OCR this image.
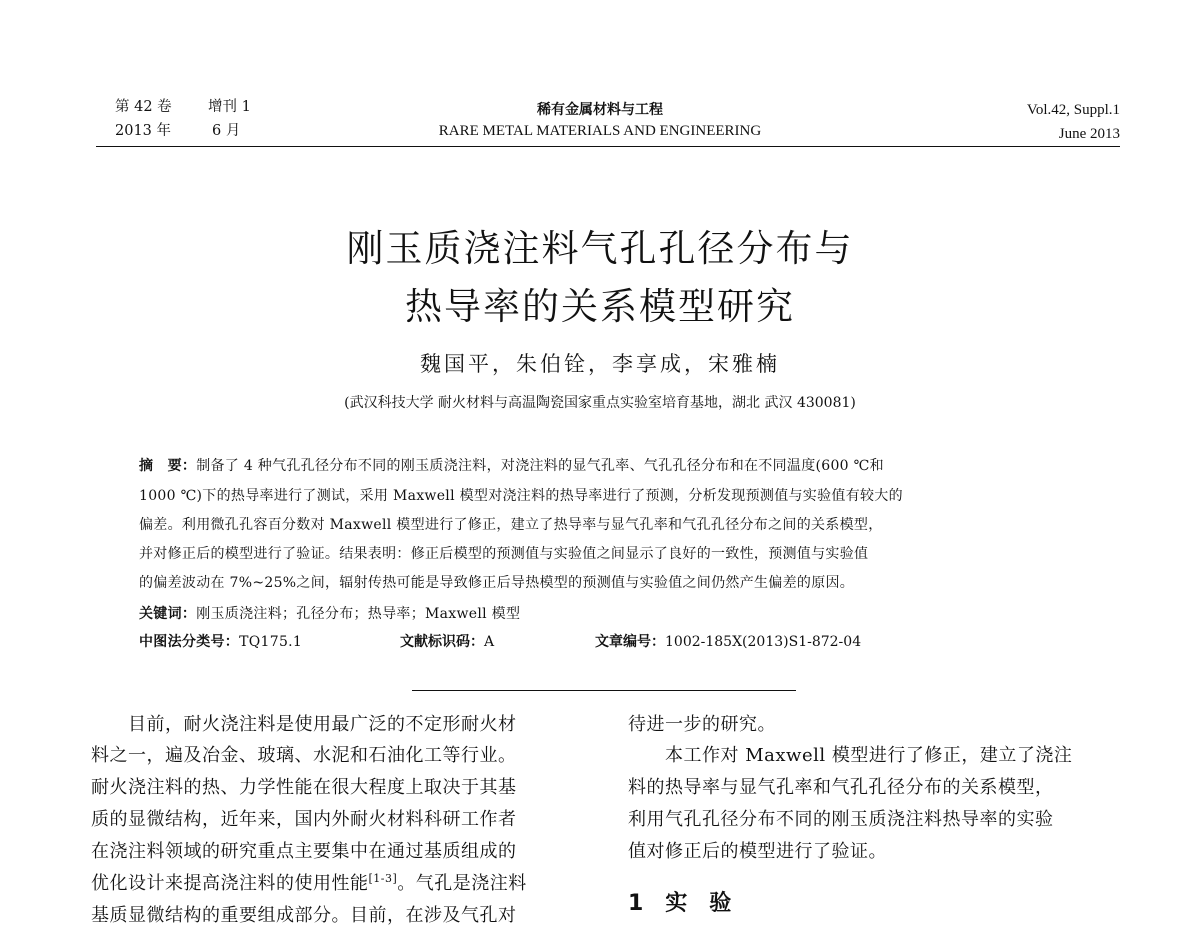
第 42 卷	增刊 1
2013 年	6 月
稀有金属材料与工程
RARE METAL MATERIALS AND ENGINEERING
Vol.42, Suppl.1
June 2013
刚玉质浇注料气孔孔径分布与
热导率的关系模型研究
魏国平，朱伯铨，李享成，宋雅楠
(武汉科技大学 耐火材料与高温陶瓷国家重点实验室培育基地，湖北 武汉 430081)
摘　要：制备了 4 种气孔孔径分布不同的刚玉质浇注料，对浇注料的显气孔率、气孔孔径分布和在不同温度(600 ℃和
1000 ℃)下的热导率进行了测试，采用 Maxwell 模型对浇注料的热导率进行了预测，分析发现预测值与实验值有较大的
偏差。利用微孔孔容百分数对 Maxwell 模型进行了修正，建立了热导率与显气孔率和气孔孔径分布之间的关系模型，
并对修正后的模型进行了验证。结果表明：修正后模型的预测值与实验值之间显示了良好的一致性，预测值与实验值
的偏差波动在 7%~25%之间，辐射传热可能是导致修正后导热模型的预测值与实验值之间仍然产生偏差的原因。
关键词：刚玉质浇注料；孔径分布；热导率；Maxwell 模型
中图法分类号：TQ175.1	文献标识码：A	文章编号：1002-185X(2013)S1-872-04
　　目前，耐火浇注料是使用最广泛的不定形耐火材
料之一，遍及冶金、玻璃、水泥和石油化工等行业。
耐火浇注料的热、力学性能在很大程度上取决于其基
质的显微结构，近年来，国内外耐火材料科研工作者
在浇注料领域的研究重点主要集中在通过基质组成的
优化设计来提高浇注料的使用性能[1-3]。气孔是浇注料
基质显微结构的重要组成部分。目前，在涉及气孔对
待进一步的研究。
　　本工作对 Maxwell 模型进行了修正，建立了浇注
料的热导率与显气孔率和气孔孔径分布的关系模型，
利用气孔孔径分布不同的刚玉质浇注料热导率的实验
值对修正后的模型进行了验证。
1　实　验
